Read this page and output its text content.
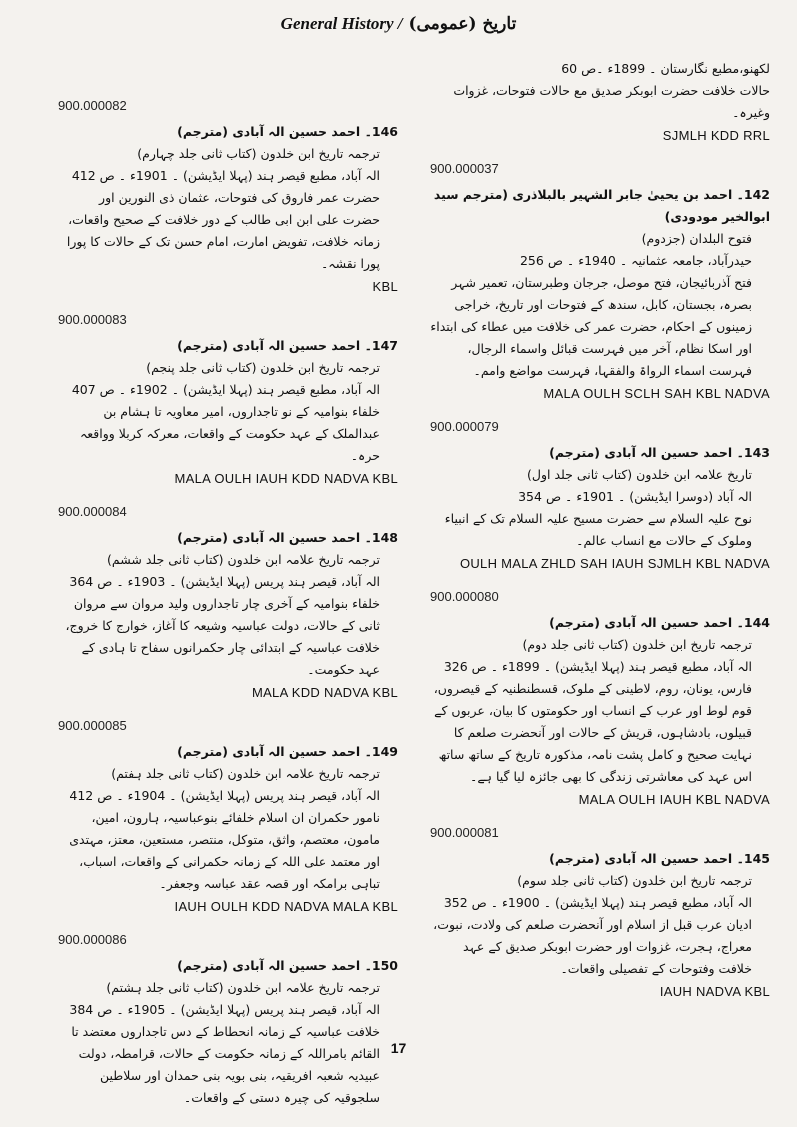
General History / تاریخ (عمومی)
لکھنو،مطبع نگارستان ۔ 1899ء ۔ص 60
حالات خلافت حضرت ابوبکر صدیق مع حالات فتوحات، غزوات وغیرہ۔
SJMLH KDD RRL
900.000037
142۔ احمد بن یحییٰ جابر الشہیر بالبلاذری (مترجم سید ابوالخیر مودودی)
فتوح البلدان (جزدوم)
حیدرآباد، جامعہ عثمانیہ ۔ 1940ء ۔ ص 256
فتح آذربائیجان، فتح موصل، جرجان وطبرستان، تعمیر شہر بصرہ، بجستان، کابل، سندھ کے فتوحات اور تاریخ، خراجی زمینوں کے احکام، حضرت عمر کی خلافت میں عطاء کی ابتداء اور اسکا نظام، آخر میں فہرست قبائل واسماء الرجال، فہرست اسماء الرواۃ والفقہا، فہرست مواضع وامم۔
MALA OULH SCLH SAH KBL NADVA
900.000079
143۔ احمد حسین الہ آبادی (مترجم)
تاریخ علامہ ابن خلدون (کتاب ثانی جلد اول)
الہ آباد (دوسرا ایڈیشن) ۔ 1901ء ۔ ص 354
نوح علیہ السلام سے حضرت مسیح علیہ السلام تک کے انبیاء وملوک کے حالات مع انساب عالم۔
OULH MALA ZHLD SAH IAUH SJMLH KBL NADVA
900.000080
144۔ احمد حسین الہ آبادی (مترجم)
ترجمہ تاریخ ابن خلدون (کتاب ثانی جلد دوم)
الہ آباد، مطبع قیصر ہند (پہلا ایڈیشن) ۔ 1899ء ۔ ص 326
فارس، یونان، روم، لاطینی کے ملوک، قسطنطنیہ کے قیصروں، قوم لوط اور عرب کے انساب اور حکومتوں کا بیان، عربوں کے قبیلوں، بادشاہوں، قریش کے حالات اور آنحضرت صلعم کا نہایت صحیح و کامل پشت نامہ، مذکورہ تاریخ کے ساتھ ساتھ اس عہد کی معاشرتی زندگی کا بھی جائزہ لیا گیا ہے۔
MALA OULH IAUH KBL NADVA
900.000081
145۔ احمد حسین الہ آبادی (مترجم)
ترجمہ تاریخ ابن خلدون (کتاب ثانی جلد سوم)
الہ آباد، مطبع قیصر ہند (پہلا ایڈیشن) ۔ 1900ء ۔ ص 352
ادیان عرب قبل از اسلام اور آنحضرت صلعم کی ولادت، نبوت، معراج، ہجرت، غزوات اور حضرت ابوبکر صدیق کے عہد خلافت وفتوحات کے تفصیلی واقعات۔
IAUH NADVA KBL
900.000082
146۔ احمد حسین الہ آبادی (مترجم)
ترجمہ تاریخ ابن خلدون (کتاب ثانی جلد چہارم)
الہ آباد، مطبع قیصر ہند (پہلا ایڈیشن) ۔ 1901ء ۔ ص 412
حضرت عمر فاروق کی فتوحات، عثمان ذی النورین اور حضرت علی ابن ابی طالب کے دور خلافت کے صحیح واقعات، زمانہ خلافت، تفویض امارت، امام حسن تک کے حالات کا پورا پورا نقشہ۔
KBL
900.000083
147۔ احمد حسین الہ آبادی (مترجم)
ترجمہ تاریخ ابن خلدون (کتاب ثانی جلد پنجم)
الہ آباد، مطبع قیصر ہند (پہلا ایڈیشن) ۔ 1902ء ۔ ص 407
خلفاء بنوامیہ کے نو تاجداروں، امیر معاویہ تا ہشام بن عبدالملک کے عہد حکومت کے واقعات، معرکہ کربلا وواقعہ حرہ۔
MALA OULH IAUH KDD NADVA KBL
900.000084
148۔ احمد حسین الہ آبادی (مترجم)
ترجمہ تاریخ علامہ ابن خلدون (کتاب ثانی جلد ششم)
الہ آباد، قیصر ہند پریس (پہلا ایڈیشن) ۔ 1903ء ۔ ص 364
خلفاء بنوامیہ کے آخری چار تاجداروں ولید مروان سے مروان ثانی کے حالات، دولت عباسیہ وشیعہ کا آغاز، خوارج کا خروج، خلافت عباسیہ کے ابتدائی چار حکمرانوں سفاح تا ہادی کے عہد حکومت۔
MALA KDD NADVA KBL
900.000085
149۔ احمد حسین الہ آبادی (مترجم)
ترجمہ تاریخ علامہ ابن خلدون (کتاب ثانی جلد ہفتم)
الہ آباد، قیصر ہند پریس (پہلا ایڈیشن) ۔ 1904ء ۔ ص 412
نامور حکمران ان اسلام خلفائے بنوعباسیہ، ہارون، امین، مامون، معتصم، واثق، متوکل، منتصر، مستعین، معتز، مہتدی اور معتمد علی اللہ کے زمانہ حکمرانی کے واقعات، اسباب، تباہی برامکہ اور قصہ عقد عباسہ وجعفر۔
IAUH OULH KDD NADVA MALA KBL
900.000086
150۔ احمد حسین الہ آبادی (مترجم)
ترجمہ تاریخ علامہ ابن خلدون (کتاب ثانی جلد ہشتم)
الہ آباد، قیصر ہند پریس (پہلا ایڈیشن) ۔ 1905ء ۔ ص 384
خلافت عباسیہ کے زمانہ انحطاط کے دس تاجداروں معتضد تا القائم بامراللہ کے زمانہ حکومت کے حالات، قرامطہ، دولت عبیدیہ شعبہ افریقیہ، بنی بویہ بنی حمدان اور سلاطین سلجوقیہ کی چیرہ دستی کے واقعات۔
17
